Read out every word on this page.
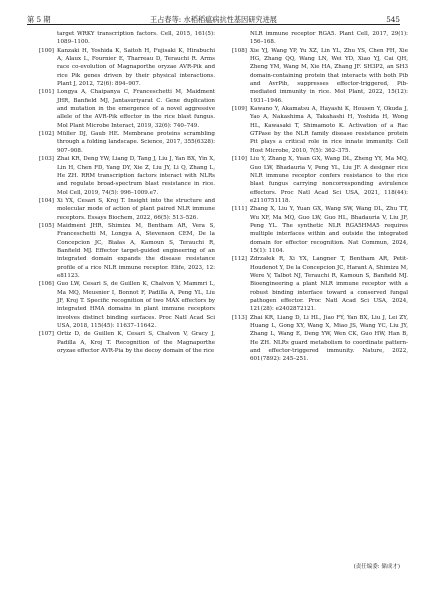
第 5 期	王占春等: 水稻稻瘟病抗性基因研究进展	545
target WRKY transcription factors. Cell, 2015, 161(5): 1089–1100.
[100] Kanzaki H, Yoshida K, Saitoh H, Fujisaki K, Hirabuchi A, Alaux L, Fournier E, Tharreau D, Terauchi R. Arms race co-evolution of Magnaporthe oryzae AVR-Pik and rice Pik genes driven by their physical interactions. Plant J, 2012, 72(6): 894–907.
[101] Longya A, Chaipanya C, Franceschetti M, Maidment JHR, Banfield MJ, Jantasuriyarat C. Gene duplication and mutation in the emergence of a novel aggressive allele of the AVR-Pik effector in the rice blast fungus. Mol Plant Microbe Interact, 2019, 32(6): 740–749.
[102] Müller DJ, Gaub HE. Membrane proteins scrambling through a folding landscape. Science, 2017, 355(6328): 907–908.
[103] Zhai KR, Deng YW, Liang D, Tang J, Liu J, Yan BX, Yin X, Lin H, Chen FD, Yang DY, Xie Z, Liu JY, Li Q, Zhang L, He ZH. RRM transcription factors interact with NLRs and regulate broad-spectrum blast resistance in rice. Mol Cell, 2019, 74(5): 996–1009.e7.
[104] Xi YX, Cesari S, Kroj T. Insight into the structure and molecular mode of action of plant paired NLR immune receptors. Essays Biochem, 2022, 66(5): 513–526.
[105] Maidment JHR, Shimizu M, Bentham AR, Vera S, Franceschetti M, Longya A, Stevenson CEM, De la Concepcion JC, Białas A, Kamoun S, Terauchi R, Banfield MJ. Effector target-guided engineering of an integrated domain expands the disease resistance profile of a rice NLR immune receptor. Elife, 2023, 12: e81123.
[106] Guo LW, Cesari S, de Guillen K, Chalvon V, Mammri L, Ma MQ, Meusnier I, Bonnot F, Padilla A, Peng YL, Liu JF, Kroj T. Specific recognition of two MAX effectors by integrated HMA domains in plant immune receptors involves distinct binding surfaces. Proc Natl Acad Sci USA, 2018, 115(45): 11637–11642.
[107] Ortiz D, de Guillen K, Cesari S, Chalvon V, Gracy J, Padilla A, Kroj T. Recognition of the Magnaporthe oryzae effector AVR-Pia by the decoy domain of the rice
NLR immune receptor RGA5. Plant Cell, 2017, 29(1): 156–168.
[108] Xie YJ, Wang YP, Yu XZ, Lin YL, Zhu YS, Chen FH, Xie HG, Zhang QQ, Wang LN, Wei YD, Xiao YJ, Cai QH, Zheng YM, Wang M, Xie HA, Zhang JF. SH3P2, an SH3 domain-containing protein that interacts with both Pib and AvrPib, suppresses effector-triggered, Pib-mediated immunity in rice. Mol Plant, 2022, 15(12): 1931–1946.
[109] Kawano Y, Akamatsu A, Hayashi K, Housen Y, Okuda J, Yao A, Nakashima A, Takahashi H, Yoshida H, Wong HL, Kawasaki T, Shimamoto K. Activation of a Rac GTPase by the NLR family disease resistance protein Pit plays a critical role in rice innate immunity. Cell Host Microbe, 2010, 7(5): 362–375.
[110] Liu Y, Zhang X, Yuan GX, Wang DL, Zheng YY, Ma MQ, Guo LW, Bhadauria V, Peng YL, Liu JF. A designer rice NLR immune receptor confers resistance to the rice blast fungus carrying noncorresponding avirulence effectors. Proc Natl Acad Sci USA, 2021, 118(44): e2110751118.
[111] Zhang X, Liu Y, Yuan GX, Wang SW, Wang DL, Zhu TT, Wu XF, Ma MQ, Guo LW, Guo HL, Bhadauria V, Liu JF, Peng YL. The synthetic NLR RGA5HMA5 requires multiple interfaces within and outside the integrated domain for effector recognition. Nat Commun, 2024, 15(1): 1104.
[112] Zdrzałek R, Xi YX, Langner T, Bentham AR, Petit-Houdenot Y, De la Concepcion JC, Harant A, Shimizu M, Were V, Talbot NJ, Terauchi R, Kamoun S, Banfield MJ. Bioengineering a plant NLR immune receptor with a robust binding interface toward a conserved fungal pathogen effector. Proc Natl Acad Sci USA, 2024, 121(28): e2402872121.
[113] Zhai KR, Liang D, Li HL, Jiao FY, Yan BX, Liu J, Lei ZY, Huang L, Gong XY, Wang X, Miao JS, Wang YC, Liu JY, Zhang L, Wang E, Deng YW, Wen CK, Guo HW, Han B, He ZH. NLRs guard metabolism to coordinate pattern- and effector-triggered immunity. Nature, 2022, 601(7892): 245–251.
(责任编委: 储成才)
